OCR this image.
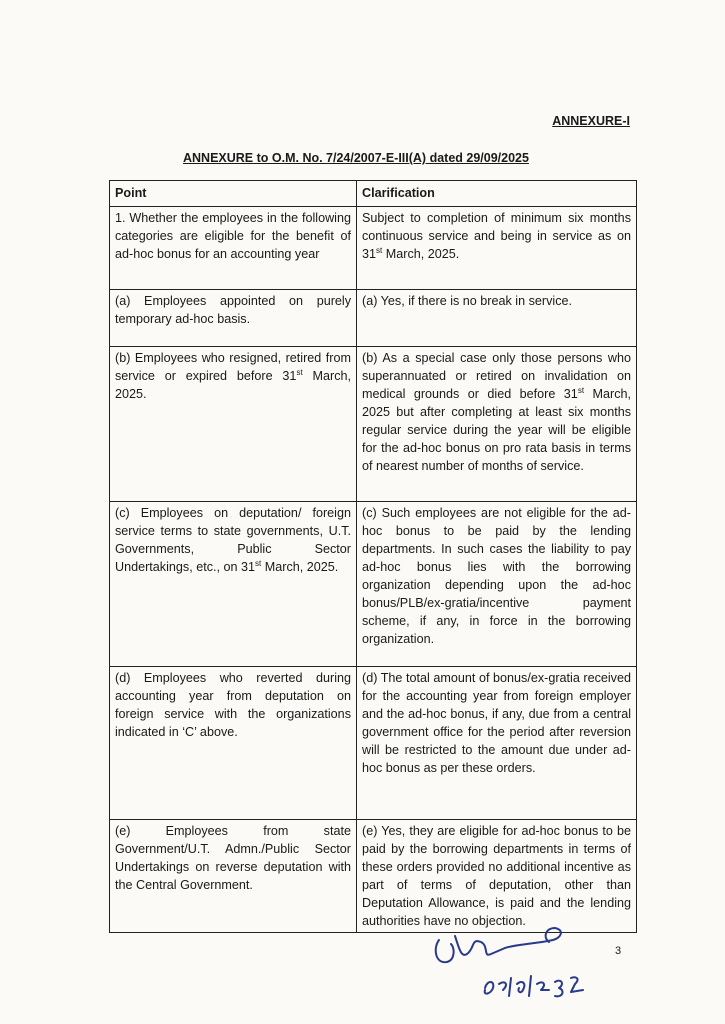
ANNEXURE-I
ANNEXURE to O.M. No. 7/24/2007-E-III(A) dated 29/09/2025
Point	Clarification
1. Whether the employees in the following categories are eligible for the benefit of ad-hoc bonus for an accounting year	Subject to completion of minimum six months continuous service and being in service as on 31st March, 2025.
(a) Employees appointed on purely temporary ad-hoc basis.	(a) Yes, if there is no break in service.
(b) Employees who resigned, retired from service or expired before 31st March, 2025.	(b) As a special case only those persons who superannuated or retired on invalidation on medical grounds or died before 31st March, 2025 but after completing at least six months regular service during the year will be eligible for the ad-hoc bonus on pro rata basis in terms of nearest number of months of service.
(c) Employees on deputation/ foreign service terms to state governments, U.T. Governments, Public Sector Undertakings, etc., on 31st March, 2025.	(c) Such employees are not eligible for the ad-hoc bonus to be paid by the lending departments. In such cases the liability to pay ad-hoc bonus lies with the borrowing organization depending upon the ad-hoc bonus/PLB/ex-gratia/incentive payment scheme, if any, in force in the borrowing organization.
(d) Employees who reverted during accounting year from deputation on foreign service with the organizations indicated in ‘C’ above.	(d) The total amount of bonus/ex-gratia received for the accounting year from foreign employer and the ad-hoc bonus, if any, due from a central government office for the period after reversion will be restricted to the amount due under ad-hoc bonus as per these orders.
(e) Employees from state Government/U.T. Admn./Public Sector Undertakings on reverse deputation with the Central Government.	(e) Yes, they are eligible for ad-hoc bonus to be paid by the borrowing departments in terms of these orders provided no additional incentive as part of terms of deputation, other than Deputation Allowance, is paid and the lending authorities have no objection.
3
